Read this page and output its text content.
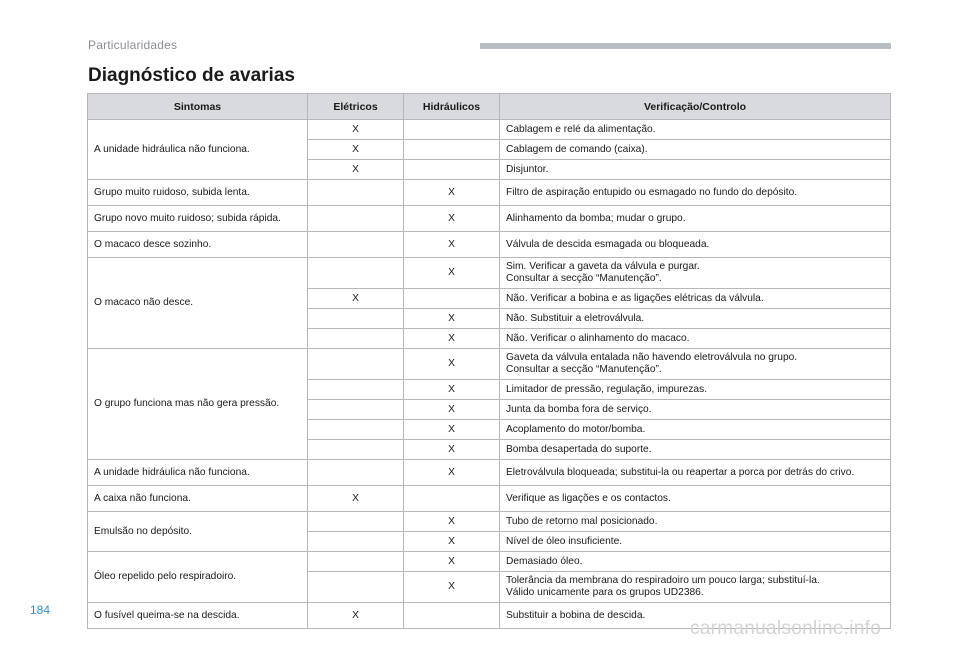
Particularidades
Diagnóstico de avarias
Sintomas	Elétricos	Hidráulicos	Verificação/Controlo
A unidade hidráulica não funciona.	X		Cablagem e relé da alimentação.

	X		Cablagem de comando (caixa).

	X		Disjuntor.

Grupo muito ruidoso, subida lenta.		X	Filtro de aspiração entupido ou esmagado no fundo do depósito.

Grupo novo muito ruidoso; subida rápida.		X	Alinhamento da bomba; mudar o grupo.

O macaco desce sozinho.		X	Válvula de descida esmagada ou bloqueada.

O macaco não desce.		X	Sim. Verificar a gaveta da válvula e purgar.
Consultar a secção “Manutenção”.

	X		Não. Verificar a bobina e as ligações elétricas da válvula.

		X	Não. Substituir a eletroválvula.

		X	Não. Verificar o alinhamento do macaco.

O grupo funciona mas não gera pressão.		X	Gaveta da válvula entalada não havendo eletroválvula no grupo.
Consultar a secção “Manutenção”.

		X	Limitador de pressão, regulação, impurezas.

		X	Junta da bomba fora de serviço.

		X	Acoplamento do motor/bomba.

		X	Bomba desapertada do suporte.

A unidade hidráulica não funciona.		X	Eletroválvula bloqueada; substitui-la ou reapertar a porca por detrás do crivo.

A caixa não funciona.	X		Verifique as ligações e os contactos.

Emulsão no depósito.		X	Tubo de retorno mal posicionado.

		X	Nível de óleo insuficiente.

Óleo repelido pelo respiradoiro.		X	Demasiado óleo.

		X	Tolerância da membrana do respiradoiro um pouco larga; substituí-la.
Válido unicamente para os grupos UD2386.

O fusível queima-se na descida.	X		Substituir a bobina de descida.
184
carmanualsonline.info
